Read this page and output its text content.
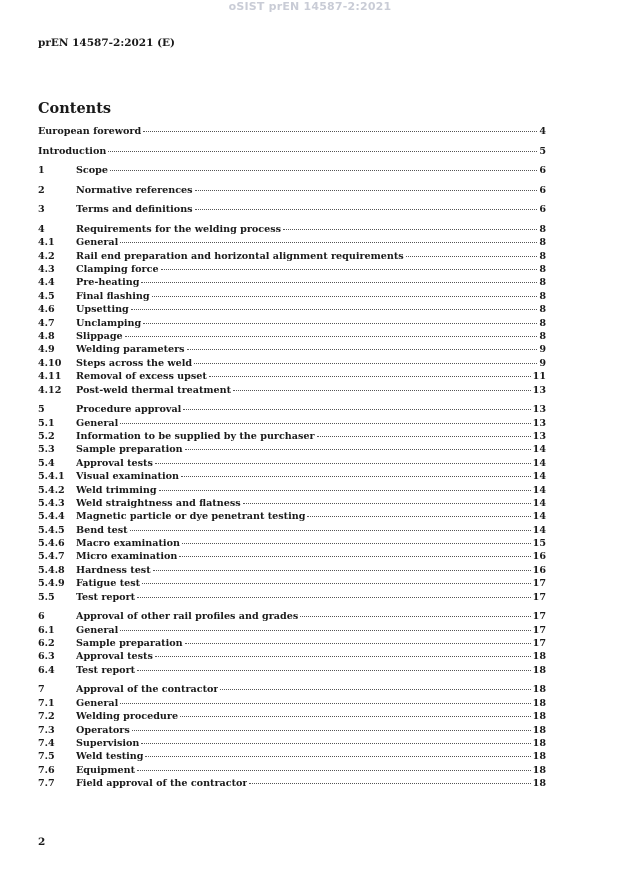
oSIST prEN 14587-2:2021
prEN 14587-2:2021 (E)
Contents
European foreword	4
Introduction	5
1	Scope	6
2	Normative references	6
3	Terms and definitions	6
4	Requirements for the welding process	8
4.1	General	8
4.2	Rail end preparation and horizontal alignment requirements	8
4.3	Clamping force	8
4.4	Pre-heating	8
4.5	Final flashing	8
4.6	Upsetting	8
4.7	Unclamping	8
4.8	Slippage	8
4.9	Welding parameters	9
4.10	Steps across the weld	9
4.11	Removal of excess upset	11
4.12	Post-weld thermal treatment	13
5	Procedure approval	13
5.1	General	13
5.2	Information to be supplied by the purchaser	13
5.3	Sample preparation	14
5.4	Approval tests	14
5.4.1	Visual examination	14
5.4.2	Weld trimming	14
5.4.3	Weld straightness and flatness	14
5.4.4	Magnetic particle or dye penetrant testing	14
5.4.5	Bend test	14
5.4.6	Macro examination	15
5.4.7	Micro examination	16
5.4.8	Hardness test	16
5.4.9	Fatigue test	17
5.5	Test report	17
6	Approval of other rail profiles and grades	17
6.1	General	17
6.2	Sample preparation	17
6.3	Approval tests	18
6.4	Test report	18
7	Approval of the contractor	18
7.1	General	18
7.2	Welding procedure	18
7.3	Operators	18
7.4	Supervision	18
7.5	Weld testing	18
7.6	Equipment	18
7.7	Field approval of the contractor	18
2
